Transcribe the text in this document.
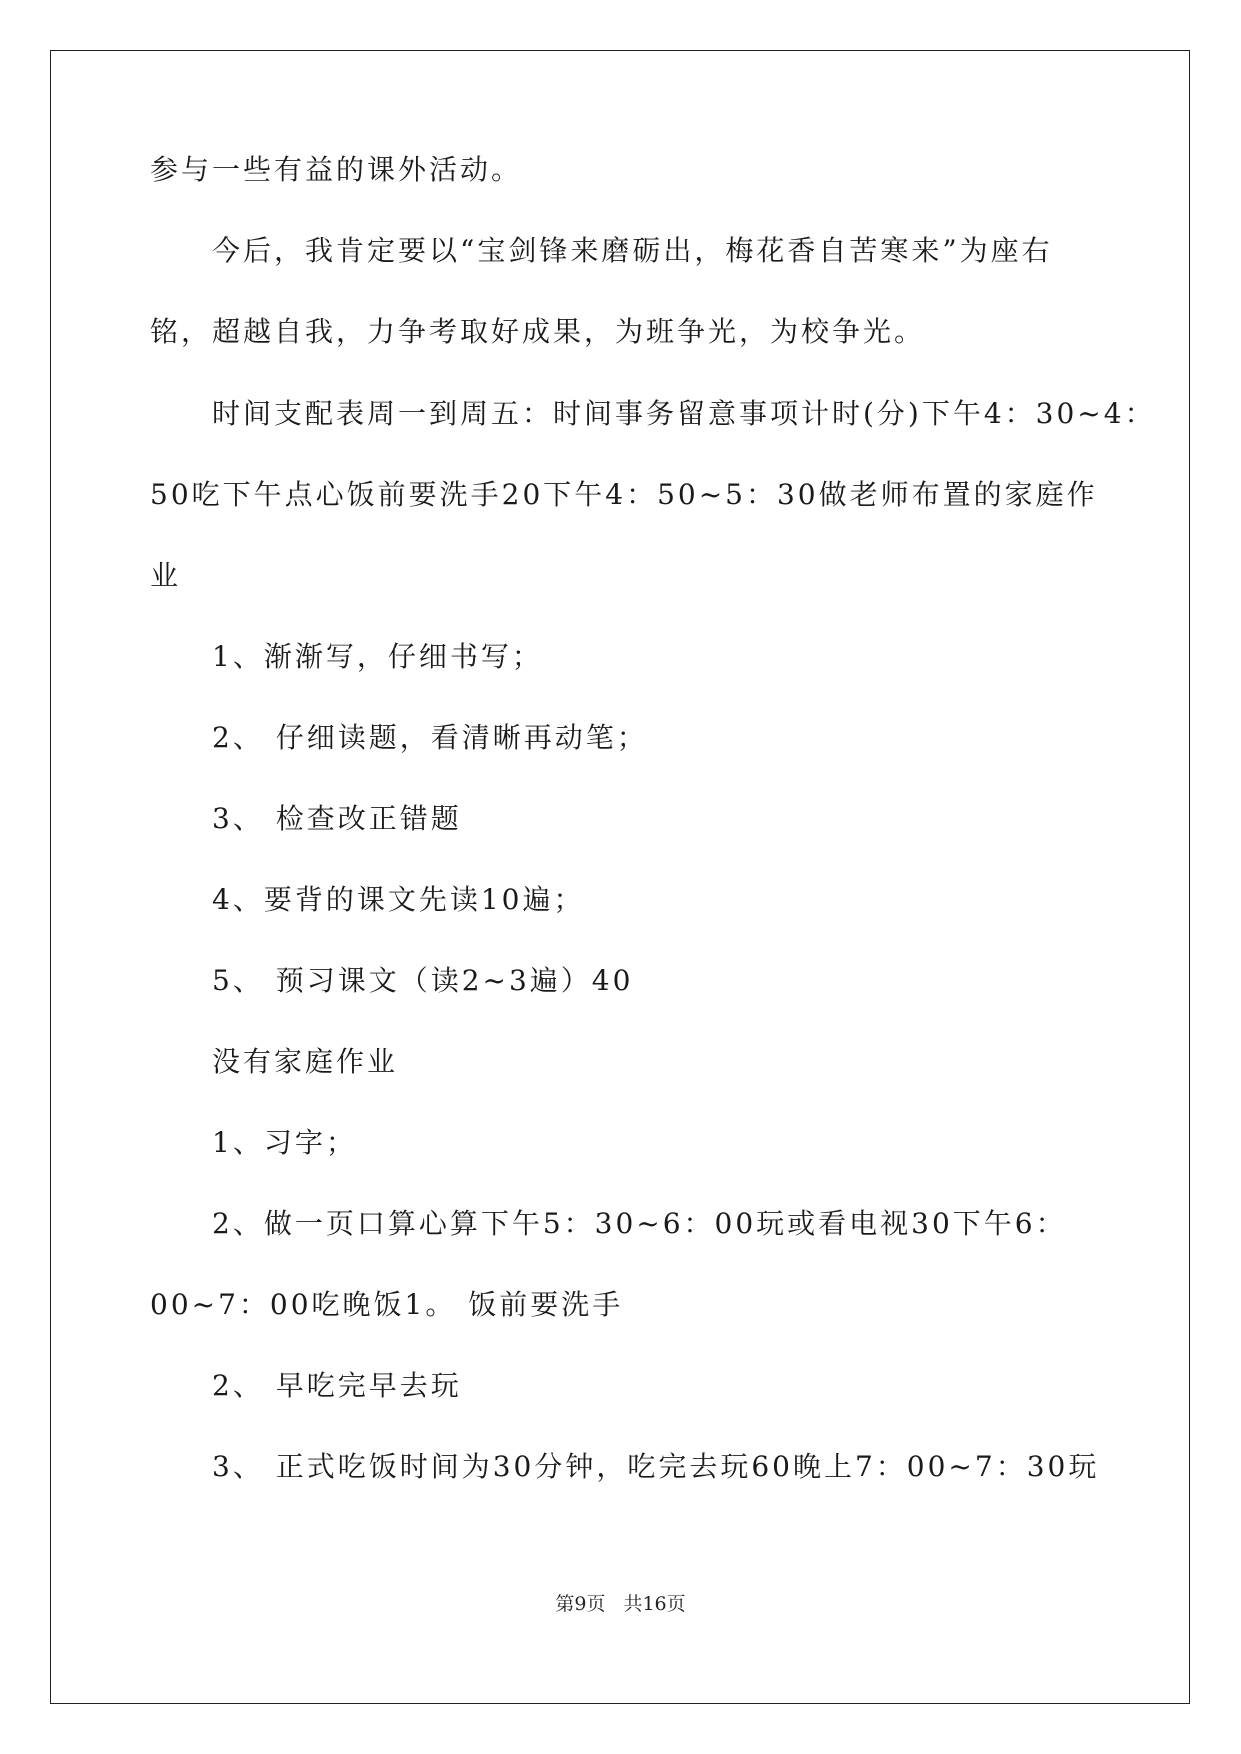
参与一些有益的课外活动。
今后，我肯定要以“宝剑锋来磨砺出，梅花香自苦寒来”为座右
铭，超越自我，力争考取好成果，为班争光，为校争光。
时间支配表周一到周五：时间事务留意事项计时(分)下午4：30~4：
50吃下午点心饭前要洗手20下午4：50~5：30做老师布置的家庭作
业
1、渐渐写，仔细书写；
2、 仔细读题，看清晰再动笔；
3、 检查改正错题
4、要背的课文先读10遍；
5、 预习课文（读2~3遍）40
没有家庭作业
1、习字；
2、做一页口算心算下午5：30~6：00玩或看电视30下午6：
00~7：00吃晚饭1。 饭前要洗手
2、 早吃完早去玩
3、 正式吃饭时间为30分钟，吃完去玩60晚上7：00~7：30玩
第9页 共16页
